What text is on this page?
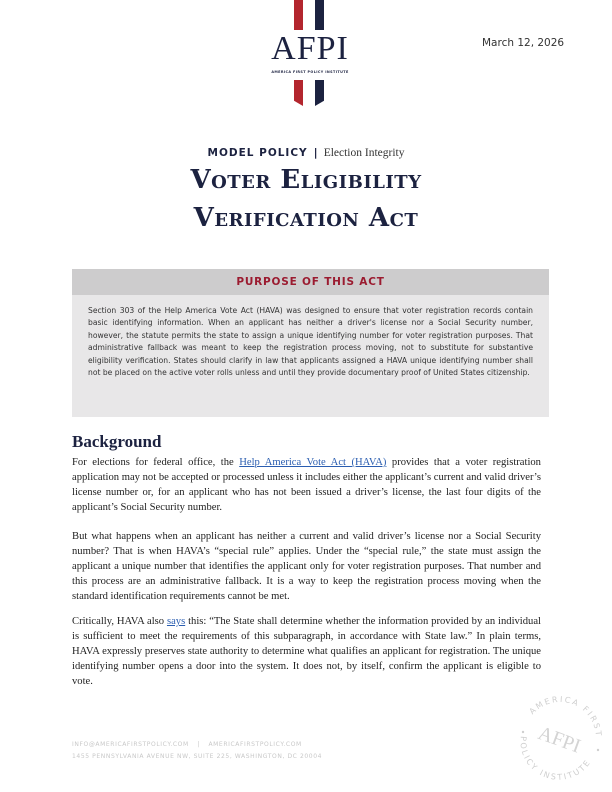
AFPI
AMERICA FIRST POLICY INSTITUTE
March 12, 2026
MODEL POLICY | Election Integrity
Voter Eligibility
Verification Act
PURPOSE OF THIS ACT
Section 303 of the Help America Vote Act (HAVA) was designed to ensure that voter registration records contain basic identifying information. When an applicant has neither a driver's license nor a Social Security number, however, the statute permits the state to assign a unique identifying number for voter registration purposes. That administrative fallback was meant to keep the registration process moving, not to substitute for substantive eligibility verification. States should clarify in law that applicants assigned a HAVA unique identifying number shall not be placed on the active voter rolls unless and until they provide documentary proof of United States citizenship.
Background

For elections for federal office, the Help America Vote Act (HAVA) provides that a voter registration application may not be accepted or processed unless it includes either the applicant’s current and valid driver’s license number or, for an applicant who has not been issued a driver’s license, the last four digits of the applicant’s Social Security number.

But what happens when an applicant has neither a current and valid driver’s license nor a Social Security number? That is when HAVA’s “special rule” applies. Under the “special rule,” the state must assign the applicant a unique number that identifies the applicant only for voter registration purposes. That number and this process are an administrative fallback. It is a way to keep the registration process moving when the standard identification requirements cannot be met.

Critically, HAVA also says this: “The State shall determine whether the information provided by an individual is sufficient to meet the requirements of this subparagraph, in accordance with State law.” In plain terms, HAVA expressly preserves state authority to determine what qualifies an applicant for registration. The unique identifying number opens a door into the system. It does not, by itself, confirm the applicant is eligible to vote.

INFO@AMERICAFIRSTPOLICY.COM | AMERICAFIRSTPOLICY.COM
1455 PENNSYLVANIA AVENUE NW, SUITE 225, WASHINGTON, DC 20004
AMERICA FIRST
POLICY INSTITUTE
AFPI
